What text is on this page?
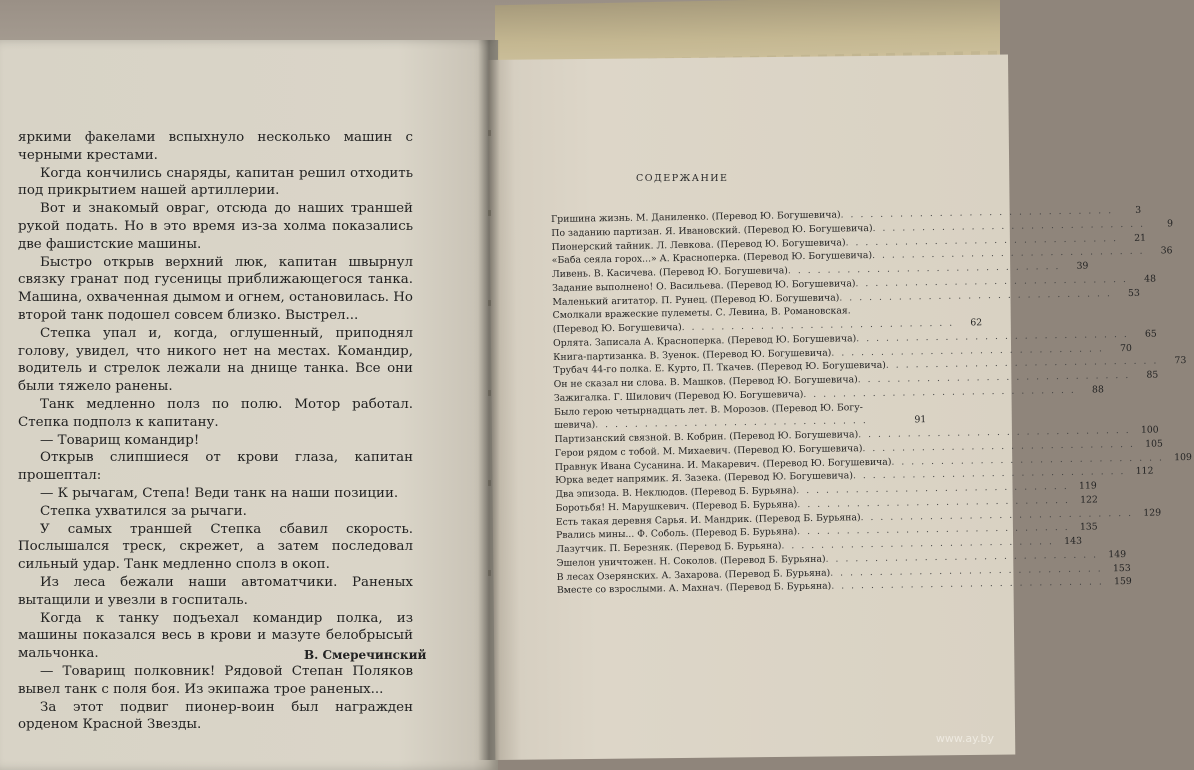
яркими факелами вспыхнуло несколько машин с черными крестами.

Когда кончились снаряды, капитан решил отходить под прикрытием нашей артиллерии.

Вот и знакомый овраг, отсюда до наших траншей рукой подать. Но в это время из-за холма показались две фашистские машины.

Быстро открыв верхний люк, капитан швырнул связку гранат под гусеницы приближающегося танка. Машина, охваченная дымом и огнем, остановилась. Но второй танк подошел совсем близко. Выстрел...

Степка упал и, когда, оглушенный, приподнял голову, увидел, что никого нет на местах. Командир, водитель и стрелок лежали на днище танка. Все они были тяжело ранены.

Танк медленно полз по полю. Мотор работал. Степка подполз к капитану.

— Товарищ командир!

Открыв слипшиеся от крови глаза, капитан прошептал:

— К рычагам, Степа! Веди танк на наши позиции.

Степка ухватился за рычаги.

У самых траншей Степка сбавил скорость. Послышался треск, скрежет, а затем последовал сильный удар. Танк медленно сполз в окоп.

Из леса бежали наши автоматчики. Раненых вытащили и увезли в госпиталь.

Когда к танку подъехал командир полка, из машины показался весь в крови и мазуте белобрысый мальчонка.

— Товарищ полковник! Рядовой Степан Поляков вывел танк с поля боя. Из экипажа трое раненых...

За этот подвиг пионер-воин был награжден орденом Красной Звезды.

В. Смеречинский
СОДЕРЖАНИЕ
Гришина жизнь. М. Даниленко. (Перевод Ю. Богушевича) . . . . . . . . . . . . . . . . . . . . . . . . . . . .	3
По заданию партизан. Я. Ивановский. (Перевод Ю. Богушевича) . . . . . . . . . . . . . . . . . . . . . . . . . . . .	9
Пионерский тайник. Л. Левкова. (Перевод Ю. Богушевича) . . . . . . . . . . . . . . . . . . . . . . . . . . . .	21
«Баба сеяла горох...» А. Красноперка. (Перевод Ю. Богушевича) . . . . . . . . . . . . . . . . . . . . . . . . . . . .	36
Ливень. В. Касичева. (Перевод Ю. Богушевича) . . . . . . . . . . . . . . . . . . . . . . . . . . . .	39
Задание выполнено! О. Васильева. (Перевод Ю. Богушевича) . . . . . . . . . . . . . . . . . . . . . . . . . . . .	48
Маленький агитатор. П. Рунец. (Перевод Ю. Богушевича) . . . . . . . . . . . . . . . . . . . . . . . . . . . .	53
Смолкали вражеские пулеметы. С. Левина, В. Романовская.
(Перевод Ю. Богушевича) . . . . . . . . . . . . . . . . . . . . . . . . . . . .	62
Орлята. Записала А. Красноперка. (Перевод Ю. Богушевича) . . . . . . . . . . . . . . . . . . . . . . . . . . . .	65
Книга-партизанка. В. Зуенок. (Перевод Ю. Богушевича) . . . . . . . . . . . . . . . . . . . . . . . . . . . .	70
Трубач 44-го полка. Е. Курто, П. Ткачев. (Перевод Ю. Богушевича) . . . . . . . . . . . . . . . . . . . . . . . . . . . .	73
Он не сказал ни слова. В. Машков. (Перевод Ю. Богушевича) . . . . . . . . . . . . . . . . . . . . . . . . . . . .	85
Зажигалка. Г. Шилович (Перевод Ю. Богушевича) . . . . . . . . . . . . . . . . . . . . . . . . . . . .	88
Было герою четырнадцать лет. В. Морозов. (Перевод Ю. Богу-
шевича) . . . . . . . . . . . . . . . . . . . . . . . . . . . .	91
Партизанский связной. В. Кобрин. (Перевод Ю. Богушевича) . . . . . . . . . . . . . . . . . . . . . . . . . . . .	100
Герои рядом с тобой. М. Михаевич. (Перевод Ю. Богушевича) . . . . . . . . . . . . . . . . . . . . . . . . . . . .	105
Правнук Ивана Сусанина. И. Макаревич. (Перевод Ю. Богушевича) . . . . . . . . . . . . . . . . . . . . . . . . . . . .	109
Юрка ведет напрямик. Я. Зазека. (Перевод Ю. Богушевича) . . . . . . . . . . . . . . . . . . . . . . . . . . . .	112
Два эпизода. В. Неклюдов. (Перевод Б. Бурьяна) . . . . . . . . . . . . . . . . . . . . . . . . . . . .	119
Боротьбя! Н. Марушкевич. (Перевод Б. Бурьяна) . . . . . . . . . . . . . . . . . . . . . . . . . . . .	122
Есть такая деревня Сарья. И. Мандрик. (Перевод Б. Бурьяна) . . . . . . . . . . . . . . . . . . . . . . . . . . . .	129
Рвались мины... Ф. Соболь. (Перевод Б. Бурьяна) . . . . . . . . . . . . . . . . . . . . . . . . . . . .	135
Лазутчик. П. Березняк. (Перевод Б. Бурьяна) . . . . . . . . . . . . . . . . . . . . . . . . . . . .	143
Эшелон уничтожен. Н. Соколов. (Перевод Б. Бурьяна) . . . . . . . . . . . . . . . . . . . . . . . . . . . .	149
В лесах Озерянских. А. Захарова. (Перевод Б. Бурьяна) . . . . . . . . . . . . . . . . . . . . . . . . . . . .	153
Вместе со взрослыми. А. Махнач. (Перевод Б. Бурьяна) . . . . . . . . . . . . . . . . . . . . . . . . . . . .	159
www.ay.by
